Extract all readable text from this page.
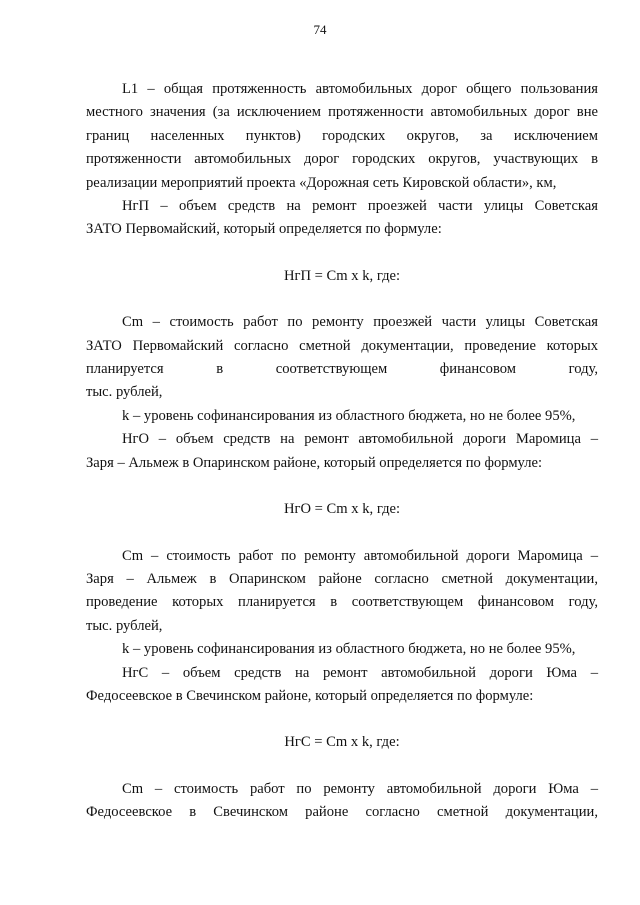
74

L1 – общая протяженность автомобильных дорог общего пользования
местного значения (за исключением протяженности автомобильных дорог вне
границ населенных пунктов) городских округов, за исключением
протяженности автомобильных дорог городских округов, участвующих в
реализации мероприятий проекта «Дорожная сеть Кировской области», км,

НгП – объем средств на ремонт проезжей части улицы Советская
ЗАТО Первомайский, который определяется по формуле:

НгП = Cm x k, где:

Cm – стоимость работ по ремонту проезжей части улицы Советская
ЗАТО Первомайский согласно сметной документации, проведение которых
планируется в соответствующем финансовом году,
тыс. рублей,

k – уровень софинансирования из областного бюджета, но не более 95%,

НгО – объем средств на ремонт автомобильной дороги Маромица –
Заря – Альмеж в Опаринском районе, который определяется по формуле:

НгО = Cm x k, где:

Cm – стоимость работ по ремонту автомобильной дороги Маромица –
Заря – Альмеж в Опаринском районе согласно сметной документации,
проведение которых планируется в соответствующем финансовом году,
тыс. рублей,

k – уровень софинансирования из областного бюджета, но не более 95%,

НгС – объем средств на ремонт автомобильной дороги Юма –
Федосеевское в Свечинском районе, который определяется по формуле:

НгС = Cm x k, где:

Cm – стоимость работ по ремонту автомобильной дороги Юма –
Федосеевское в Свечинском районе согласно сметной документации,
